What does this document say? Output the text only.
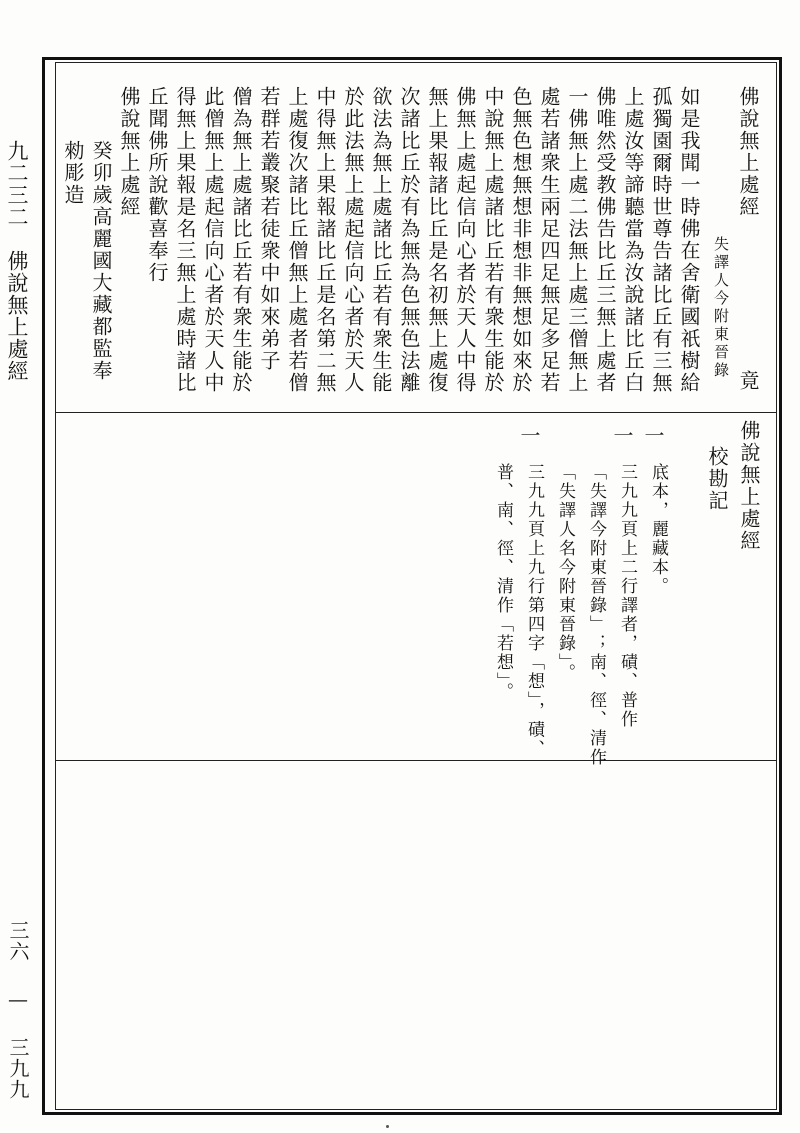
九二三二　佛說無上處經
三六 — 三九九
佛說無上處經
竟
失譯人今附東晉錄
如是我聞一時佛在舍衛國祇樹給
孤獨園爾時世尊告諸比丘有三無
上處汝等諦聽當為汝說諸比丘白
佛唯然受教佛告比丘三無上處者
一佛無上處二法無上處三僧無上
處若諸衆生兩足四足無足多足若
色無色想無想非想非無想如來於
中說無上處諸比丘若有衆生能於
佛無上處起信向心者於天人中得
無上果報諸比丘是名初無上處復
次諸比丘於有為無為色無色法離
欲法為無上處諸比丘若有衆生能
於此法無上處起信向心者於天人
中得無上果報諸比丘是名第二無
上處復次諸比丘僧無上處者若僧
若群若叢聚若徒衆中如來弟子
僧為無上處諸比丘若有衆生能於
此僧無上處起信向心者於天人中
得無上果報是名三無上處時諸比
丘聞佛所說歡喜奉行
佛說無上處經
癸卯歲高麗國大藏都監奉
勑彫造
佛說無上處經
校勘記
一
底本，麗藏本。
一
三九九頁上二行譯者，磧、普作
「失譯今附東晉錄」；南、徑、清作
「失譯人名今附東晉錄」。
一
三九九頁上九行第四字「想」，磧、
普、南、徑、清作「若想」。
